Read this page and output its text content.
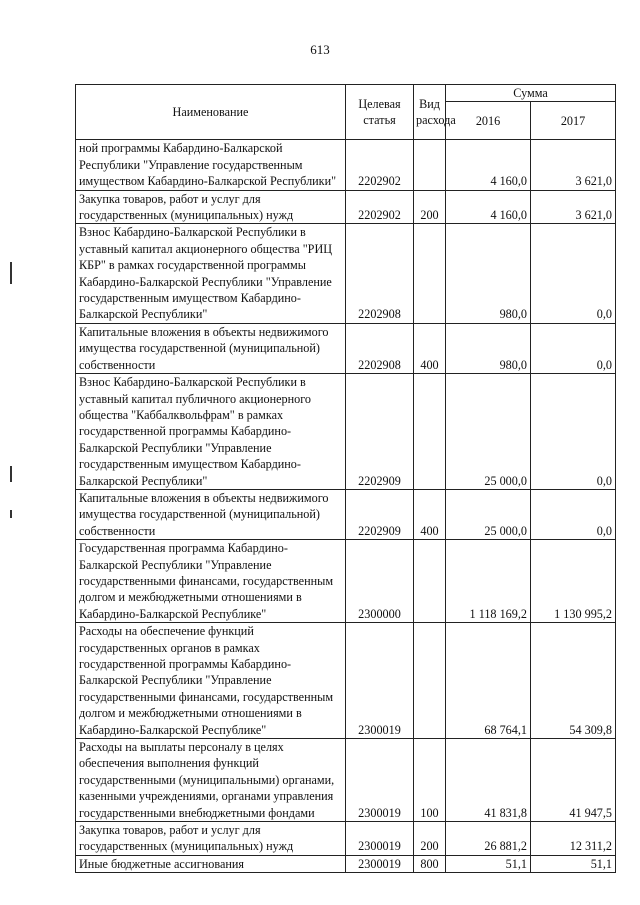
613
Наименование	Целевая статья	Вид расхода	Сумма	
			2016	2017
ной программы Кабардино-Балкарской Республики "Управление государственным имуществом Кабардино-Балкарской Республики"	2202902		4 160,0	3 621,0
Закупка товаров, работ и услуг для государственных (муниципальных) нужд	2202902	200	4 160,0	3 621,0
Взнос Кабардино-Балкарской Республики в уставный капитал акционерного общества "РИЦ КБР" в рамках государственной программы Кабардино-Балкарской Республики "Управление государственным имуществом Кабардино-Балкарской Республики"	2202908		980,0	0,0
Капитальные вложения в объекты недвижимого имущества государственной (муниципальной) собственности	2202908	400	980,0	0,0
Взнос Кабардино-Балкарской Республики в уставный капитал публичного акционерного общества "Каббалквольфрам" в рамках государственной программы Кабардино-Балкарской Республики "Управление государственным имуществом Кабардино-Балкарской Республики"	2202909		25 000,0	0,0
Капитальные вложения в объекты недвижимого имущества государственной (муниципальной) собственности	2202909	400	25 000,0	0,0
Государственная программа Кабардино-Балкарской Республики "Управление государственными финансами, государственным долгом и межбюджетными отношениями в Кабардино-Балкарской Республике"	2300000		1 118 169,2	1 130 995,2
Расходы на обеспечение функций государственных органов в рамках государственной программы Кабардино-Балкарской Республики "Управление государственными финансами, государственным долгом и межбюджетными отношениями в Кабардино-Балкарской Республике"	2300019		68 764,1	54 309,8
Расходы на выплаты персоналу в целях обеспечения выполнения функций государственными (муниципальными) органами, казенными учреждениями, органами управления государственными внебюджетными фондами	2300019	100	41 831,8	41 947,5
Закупка товаров, работ и услуг для государственных (муниципальных) нужд	2300019	200	26 881,2	12 311,2
Иные бюджетные ассигнования	2300019	800	51,1	51,1
